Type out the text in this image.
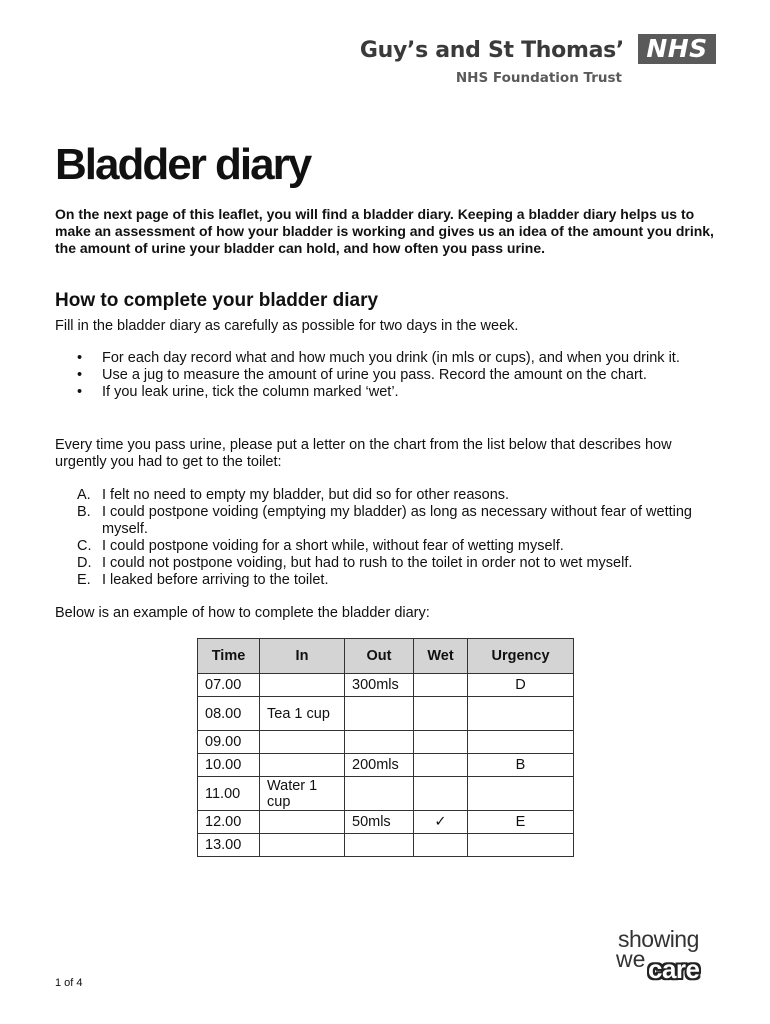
Guy’s and St Thomas’ NHS
NHS Foundation Trust
Bladder diary

On the next page of this leaflet, you will find a bladder diary. Keeping a bladder diary helps us to make an assessment of how your bladder is working and gives us an idea of the amount you drink, the amount of urine your bladder can hold, and how often you pass urine.

How to complete your bladder diary

Fill in the bladder diary as carefully as possible for two days in the week.

• For each day record what and how much you drink (in mls or cups), and when you drink it.
• Use a jug to measure the amount of urine you pass. Record the amount on the chart.
• If you leak urine, tick the column marked ‘wet’.

Every time you pass urine, please put a letter on the chart from the list below that describes how urgently you had to get to the toilet:

A. I felt no need to empty my bladder, but did so for other reasons.
B. I could postpone voiding (emptying my bladder) as long as necessary without fear of wetting myself.
C. I could postpone voiding for a short while, without fear of wetting myself.
D. I could not postpone voiding, but had to rush to the toilet in order not to wet myself.
E. I leaked before arriving to the toilet.

Below is an example of how to complete the bladder diary:

Time	In	Out	Wet	Urgency
07.00		300mls		D
08.00	Tea 1 cup			
09.00				
10.00		200mls		B
11.00	Water 1 cup			
12.00		50mls	✓	E
13.00				
showing
we care
1 of 4
